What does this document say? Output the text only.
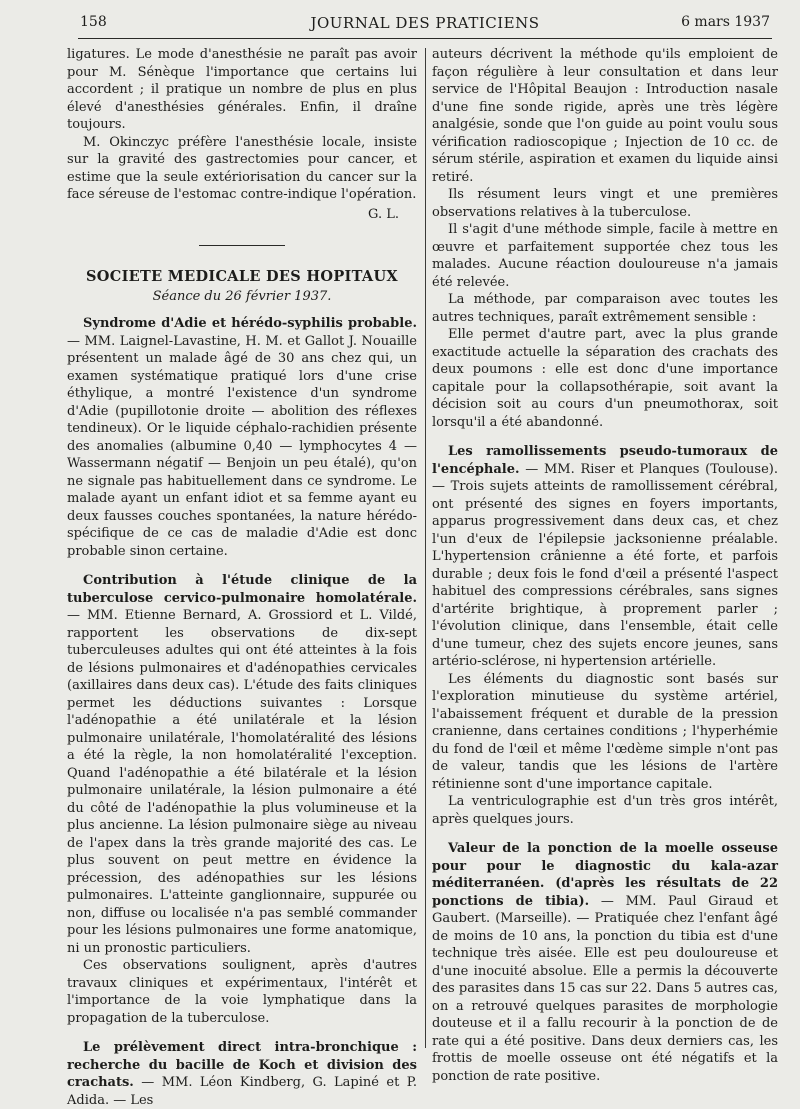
158	JOURNAL DES PRATICIENS	6 mars 1937

ligatures. Le mode d'anesthésie ne paraît pas avoir pour M. Sénèque l'importance que certains lui accordent ; il pratique un nombre de plus en plus élevé d'anesthésies générales. Enfin, il draîne toujours.

M. Okinczyc préfère l'anesthésie locale, insiste sur la gravité des gastrectomies pour cancer, et estime que la seule extériorisation du cancer sur la face séreuse de l'estomac contre-indique l'opération.

G. L.

SOCIETE MEDICALE DES HOPITAUX

Séance du 26 février 1937.

Syndrome d'Adie et hérédo-syphilis probable. — MM. Laignel-Lavastine, H. M. et Gallot J. Nouaille présentent un malade âgé de 30 ans chez qui, un examen systématique pratiqué lors d'une crise éthylique, a montré l'existence d'un syndrome d'Adie (pupillotonie droite — abolition des réflexes tendineux). Or le liquide céphalo-rachidien présente des anomalies (albumine 0,40 — lymphocytes 4 — Wassermann négatif — Benjoin un peu étalé), qu'on ne signale pas habituellement dans ce syndrome. Le malade ayant un enfant idiot et sa femme ayant eu deux fausses couches spontanées, la nature hérédo-spécifique de ce cas de maladie d'Adie est donc probable sinon certaine.

Contribution à l'étude clinique de la tuberculose cervico-pulmonaire homolatérale. — MM. Etienne Bernard, A. Grossiord et L. Vildé, rapportent les observations de dix-sept tuberculeuses adultes qui ont été atteintes à la fois de lésions pulmonaires et d'adénopathies cervicales (axillaires dans deux cas). L'étude des faits cliniques permet les déductions suivantes : Lorsque l'adénopathie a été unilatérale et la lésion pulmonaire unilatérale, l'homolatéralité des lésions a été la règle, la non homolatéralité l'exception. Quand l'adénopathie a été bilatérale et la lésion pulmonaire unilatérale, la lésion pulmonaire a été du côté de l'adénopathie la plus volumineuse et la plus ancienne. La lésion pulmonaire siège au niveau de l'apex dans la très grande majorité des cas. Le plus souvent on peut mettre en évidence la précession, des adénopathies sur les lésions pulmonaires. L'atteinte ganglionnaire, suppurée ou non, diffuse ou localisée n'a pas semblé commander pour les lésions pulmonaires une forme anatomique, ni un pronostic particuliers.

Ces observations soulignent, après d'autres travaux cliniques et expérimentaux, l'intérêt et l'importance de la voie lymphatique dans la propagation de la tuberculose.

Le prélèvement direct intra-bronchique : recherche du bacille de Koch et division des crachats. — MM. Léon Kindberg, G. Lapiné et P. Adida. — Les

auteurs décrivent la méthode qu'ils emploient de façon régulière à leur consultation et dans leur service de l'Hôpital Beaujon : Introduction nasale d'une fine sonde rigide, après une très légère analgésie, sonde que l'on guide au point voulu sous vérification radioscopique ; Injection de 10 cc. de sérum stérile, aspiration et examen du liquide ainsi retiré.

Ils résument leurs vingt et une premières observations relatives à la tuberculose.

Il s'agit d'une méthode simple, facile à mettre en œuvre et parfaitement supportée chez tous les malades. Aucune réaction douloureuse n'a jamais été relevée.

La méthode, par comparaison avec toutes les autres techniques, paraît extrêmement sensible :

Elle permet d'autre part, avec la plus grande exactitude actuelle la séparation des crachats des deux poumons : elle est donc d'une importance capitale pour la collapsothérapie, soit avant la décision soit au cours d'un pneumothorax, soit lorsqu'il a été abandonné.

Les ramollissements pseudo-tumoraux de l'encéphale. — MM. Riser et Planques (Toulouse). — Trois sujets atteints de ramollissement cérébral, ont présenté des signes en foyers importants, apparus progressivement dans deux cas, et chez l'un d'eux de l'épilepsie jacksonienne préalable. L'hypertension crânienne a été forte, et parfois durable ; deux fois le fond d'œil a présenté l'aspect habituel des compressions cérébrales, sans signes d'artérite brightique, à proprement parler ; l'évolution clinique, dans l'ensemble, était celle d'une tumeur, chez des sujets encore jeunes, sans artério-sclérose, ni hypertension artérielle.

Les éléments du diagnostic sont basés sur l'exploration minutieuse du système artériel, l'abaissement fréquent et durable de la pression cranienne, dans certaines conditions ; l'hyperhémie du fond de l'œil et même l'œdème simple n'ont pas de valeur, tandis que les lésions de l'artère rétinienne sont d'une importance capitale.

La ventriculographie est d'un très gros intérêt, après quelques jours.

Valeur de la ponction de la moelle osseuse pour pour le diagnostic du kala-azar méditerranéen. (d'après les résultats de 22 ponctions de tibia). — MM. Paul Giraud et Gaubert. (Marseille). — Pratiquée chez l'enfant âgé de moins de 10 ans, la ponction du tibia est d'une technique très aisée. Elle est peu douloureuse et d'une inocuité absolue. Elle a permis la découverte des parasites dans 15 cas sur 22. Dans 5 autres cas, on a retrouvé quelques parasites de morphologie douteuse et il a fallu recourir à la ponction de de rate qui a été positive. Dans deux derniers cas, les frottis de moelle osseuse ont été négatifs et la ponction de rate positive.
